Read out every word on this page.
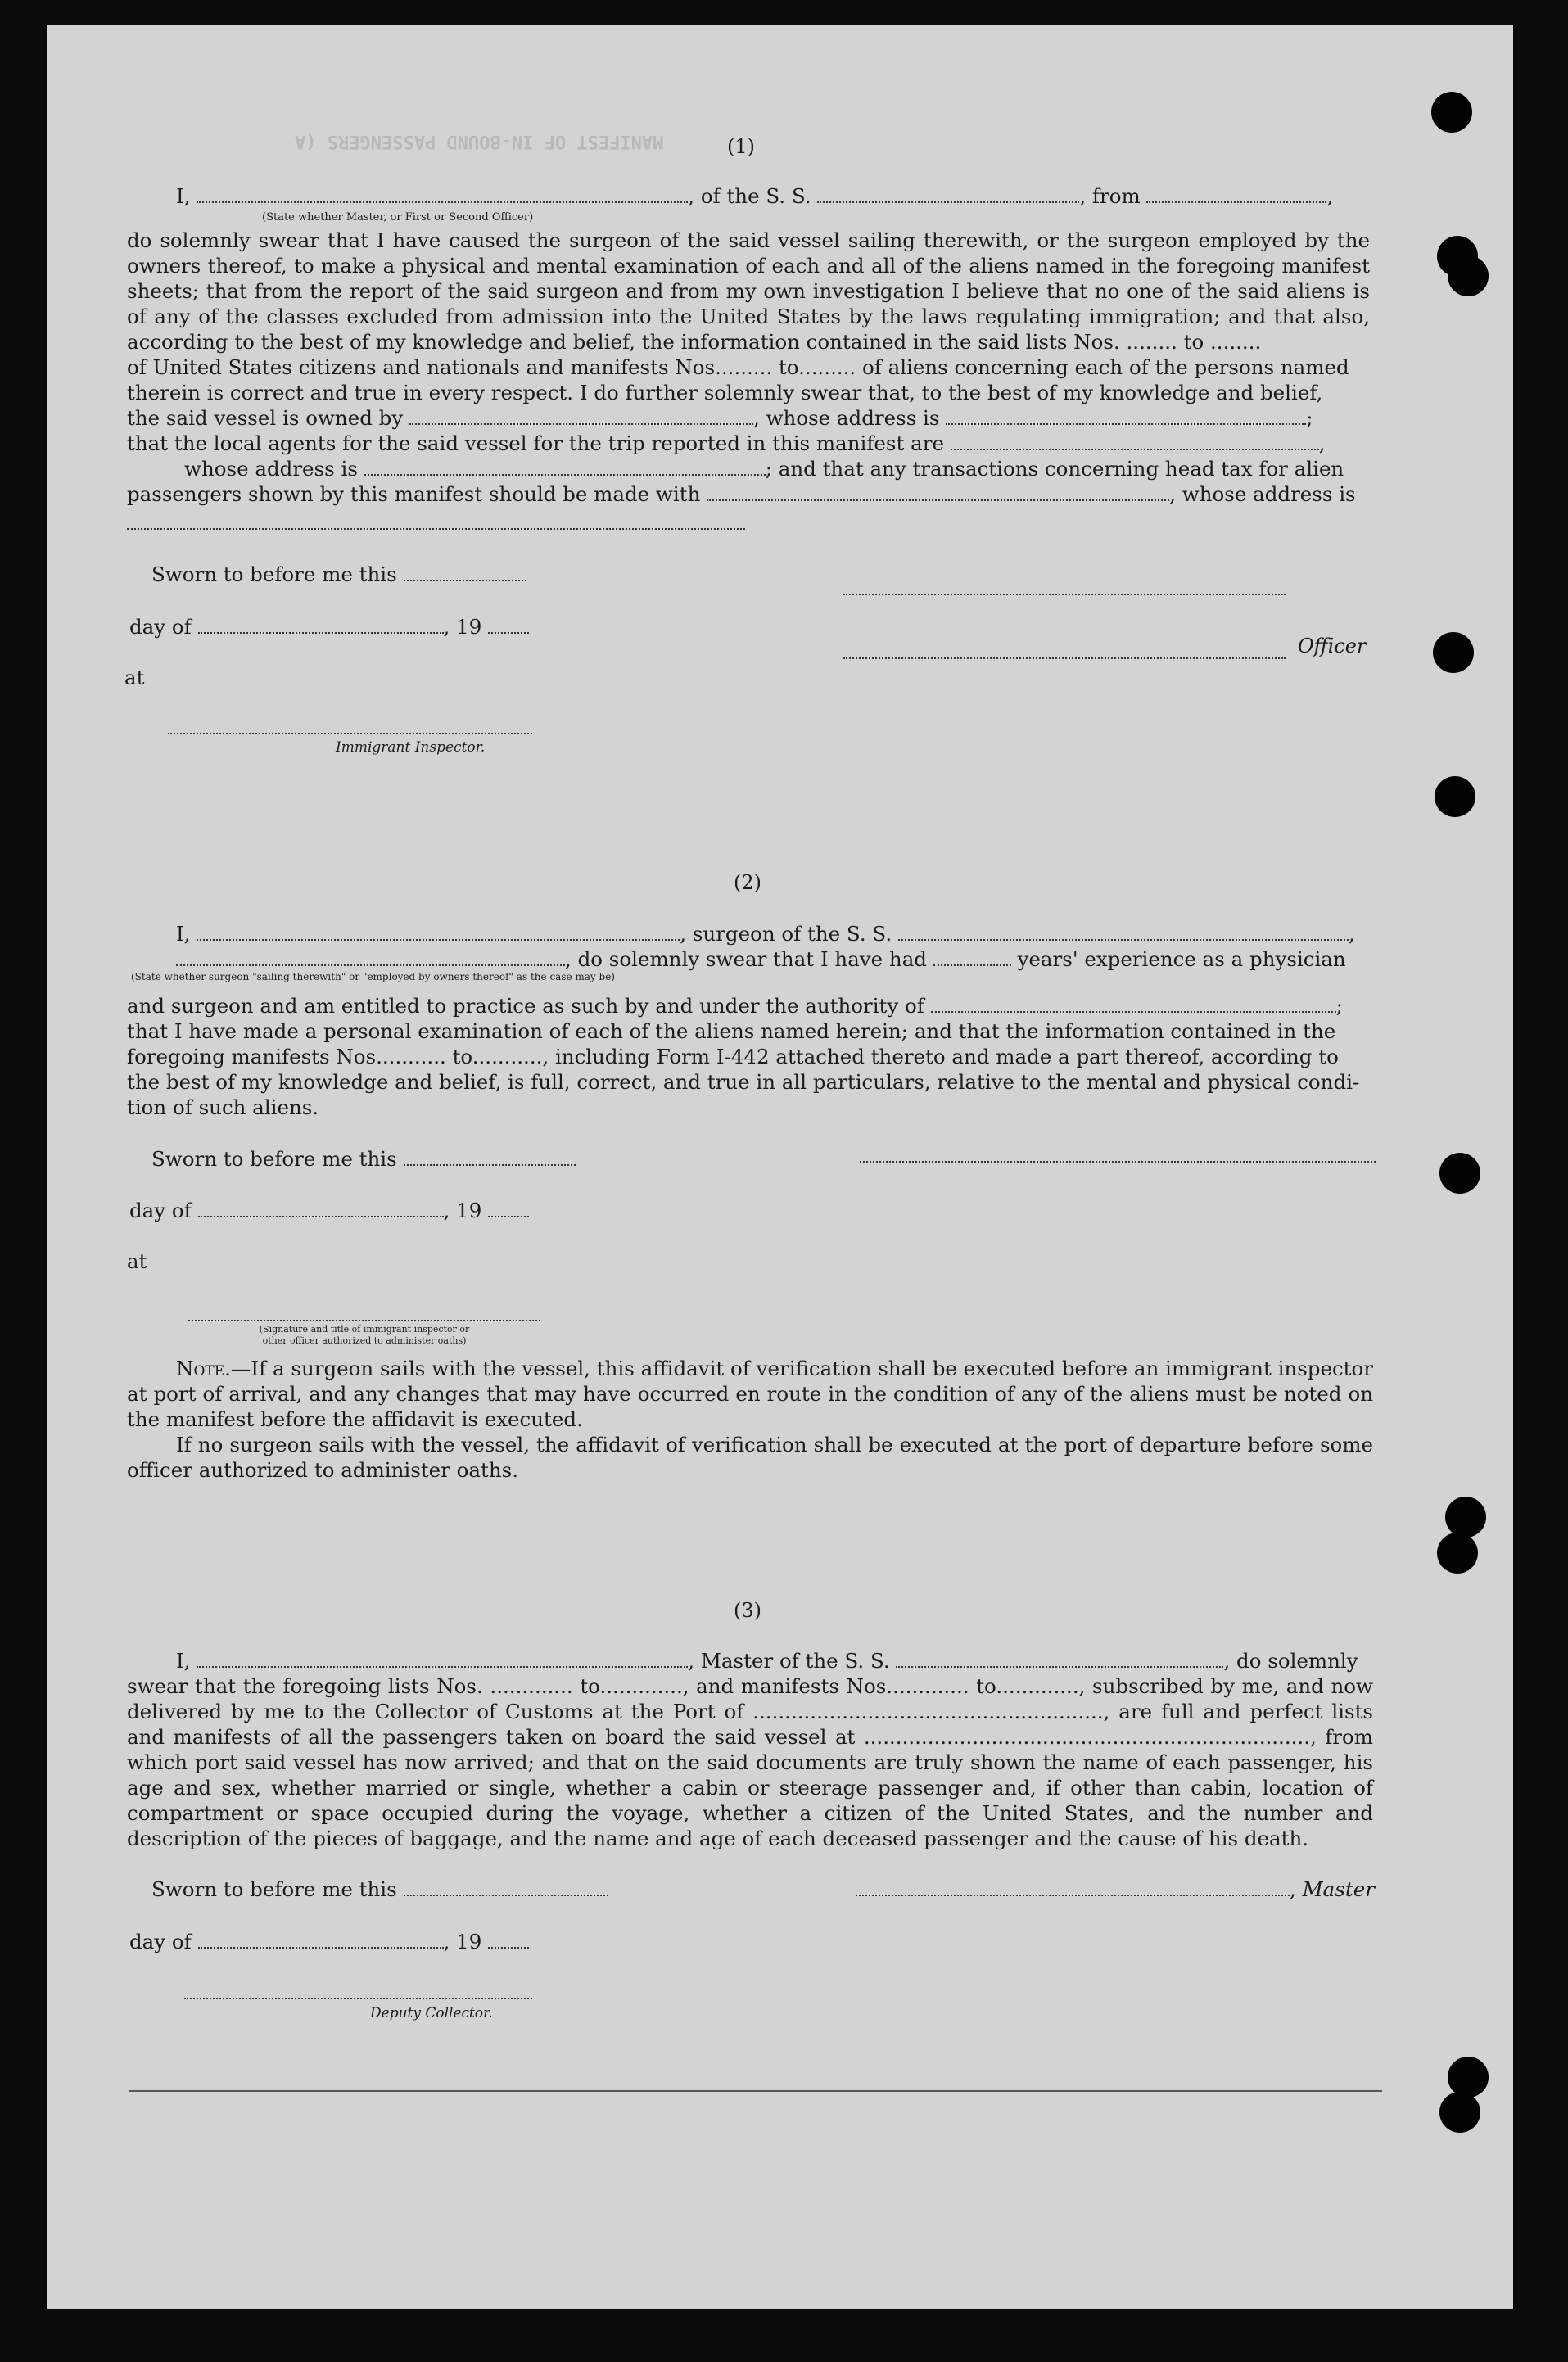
MANIFEST OF IN-BOUND PASSENGERS (A	(1)
I,	, of the S. S.	, from	,
(State whether Master, or First or Second Officer)
do solemnly swear that I have caused the surgeon of the said vessel sailing therewith, or the surgeon employed by the owners thereof, to make a physical and mental examination of each and all of the aliens named in the foregoing manifest sheets; that from the report of the said surgeon and from my own investigation I believe that no one of the said aliens is of any of the classes excluded from admission into the United States by the laws regulating immigration; and that also, according to the best of my knowledge and belief, the information contained in the said lists Nos. ........ to ........
of United States citizens and nationals and manifests Nos......... to......... of aliens concerning each of the persons named
therein is correct and true in every respect. I do further solemnly swear that, to the best of my knowledge and belief,
the said vessel is owned by	, whose address is	;
that the local agents for the said vessel for the trip reported in this manifest are	,
whose address is	; and that any transactions concerning head tax for alien
passengers shown by this manifest should be made with	, whose address is
Sworn to before me this
day of	, 19
at
Immigrant Inspector.
Officer
(2)
I,	, surgeon of the S. S.	,
, do solemnly swear that I have had	years' experience as a physician
(State whether surgeon "sailing therewith" or "employed by owners thereof" as the case may be)
and surgeon and am entitled to practice as such by and under the authority of	;
that I have made a personal examination of each of the aliens named herein; and that the information contained in the
foregoing manifests Nos........... to..........., including Form I-442 attached thereto and made a part thereof, according to
the best of my knowledge and belief, is full, correct, and true in all particulars, relative to the mental and physical condi-
tion of such aliens.
Sworn to before me this
day of	, 19
at
(Signature and title of immigrant inspector or
other officer authorized to administer oaths)
Note.—If a surgeon sails with the vessel, this affidavit of verification shall be executed before an immigrant inspector at port of arrival, and any changes that may have occurred en route in the condition of any of the aliens must be noted on the manifest before the affidavit is executed.
If no surgeon sails with the vessel, the affidavit of verification shall be executed at the port of departure before some officer authorized to administer oaths.
(3)
I,	, Master of the S. S.	, do solemnly
swear that the foregoing lists Nos. ............. to............., and manifests Nos............. to............., subscribed by me, and now delivered by me to the Collector of Customs at the Port of ......................................................., are full and perfect lists and manifests of all the passengers taken on board the said vessel at ......................................................................, from which port said vessel has now arrived; and that on the said documents are truly shown the name of each passenger, his age and sex, whether married or single, whether a cabin or steerage passenger and, if other than cabin, location of compartment or space occupied during the voyage, whether a citizen of the United States, and the number and description of the pieces of baggage, and the name and age of each deceased passenger and the cause of his death.
Sworn to before me this	, Master
day of	, 19
Deputy Collector.
